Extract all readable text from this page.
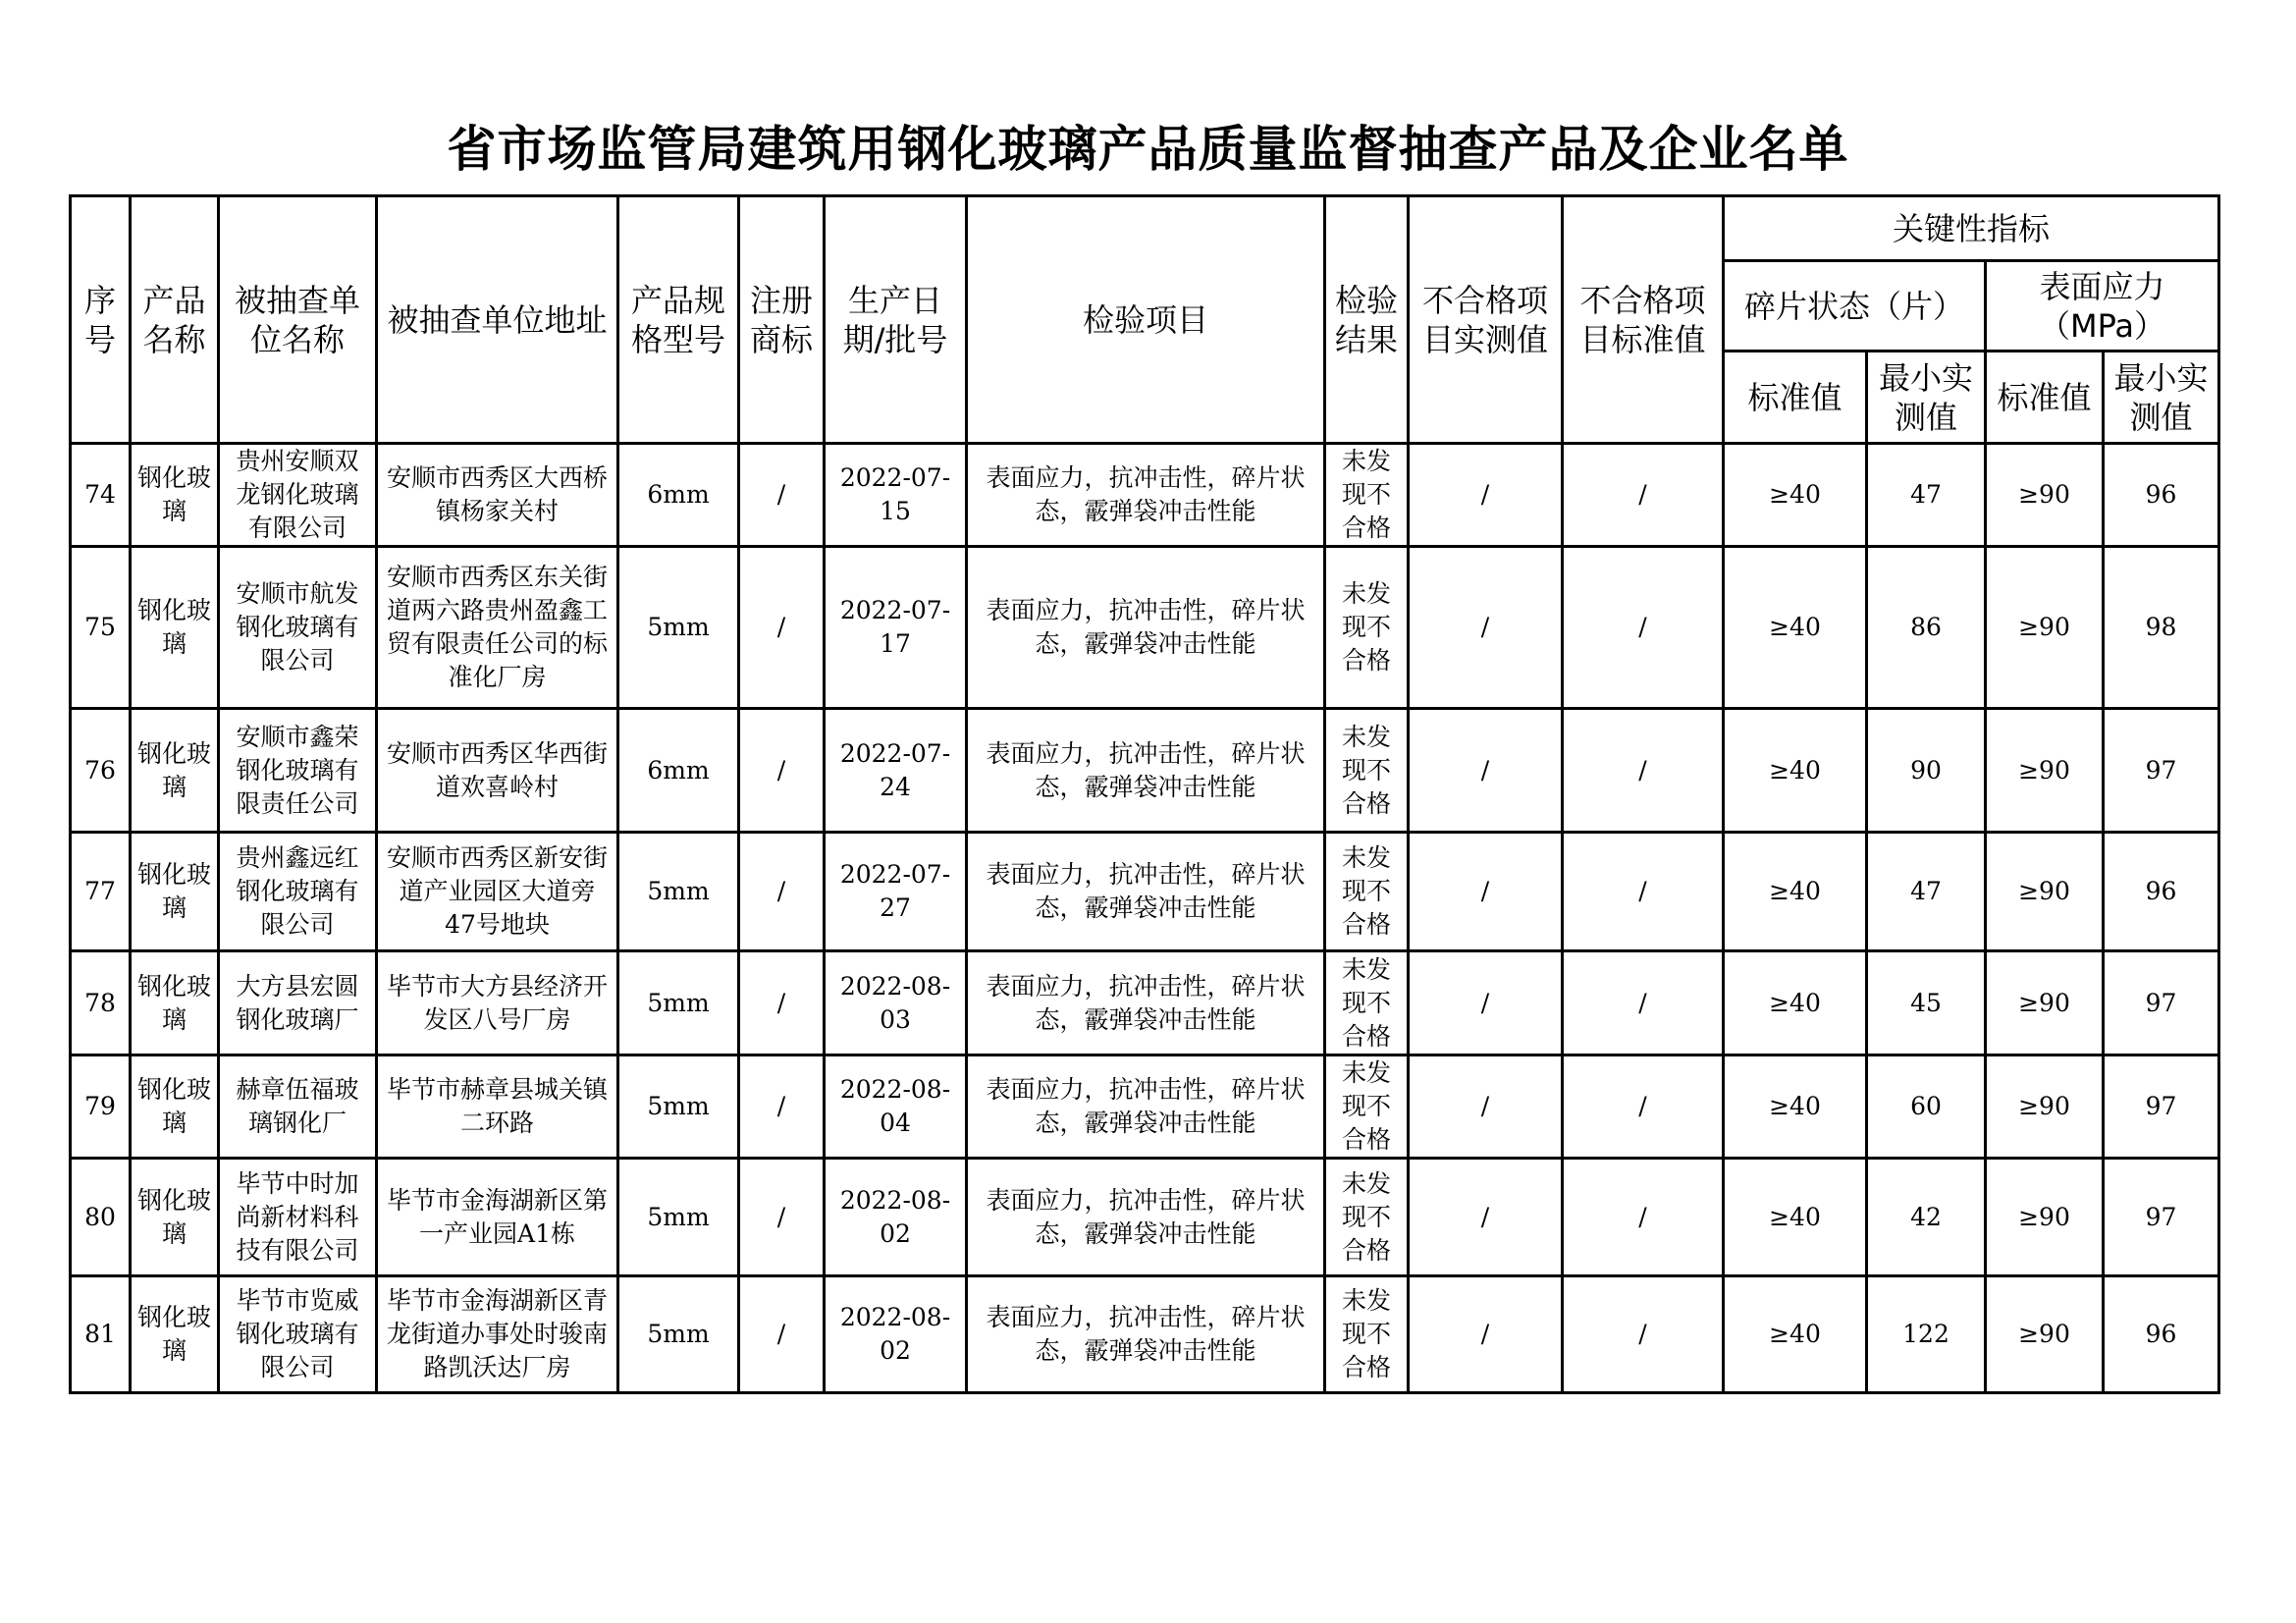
省市场监管局建筑用钢化玻璃产品质量监督抽查产品及企业名单
序号	产品名称	被抽查单位名称	被抽查单位地址	产品规格型号	注册商标	生产日期/批号	检验项目	检验结果	不合格项目实测值	不合格项目标准值	关键性指标			
											碎片状态（片）		表面应力（MPa）	
											标准值	最小实测值	标准值	最小实测值
74	钢化玻璃	贵州安顺双龙钢化玻璃有限公司	安顺市西秀区大西桥镇杨家关村	6mm	/	2022-07-15	表面应力，抗冲击性，碎片状态，霰弹袋冲击性能	未发现不合格	/	/	≥40	47	≥90	96
75	钢化玻璃	安顺市航发钢化玻璃有限公司	安顺市西秀区东关街道两六路贵州盈鑫工贸有限责任公司的标准化厂房	5mm	/	2022-07-17	表面应力，抗冲击性，碎片状态，霰弹袋冲击性能	未发现不合格	/	/	≥40	86	≥90	98
76	钢化玻璃	安顺市鑫荣钢化玻璃有限责任公司	安顺市西秀区华西街道欢喜岭村	6mm	/	2022-07-24	表面应力，抗冲击性，碎片状态，霰弹袋冲击性能	未发现不合格	/	/	≥40	90	≥90	97
77	钢化玻璃	贵州鑫远红钢化玻璃有限公司	安顺市西秀区新安街道产业园区大道旁47号地块	5mm	/	2022-07-27	表面应力，抗冲击性，碎片状态，霰弹袋冲击性能	未发现不合格	/	/	≥40	47	≥90	96
78	钢化玻璃	大方县宏圆钢化玻璃厂	毕节市大方县经济开发区八号厂房	5mm	/	2022-08-03	表面应力，抗冲击性，碎片状态，霰弹袋冲击性能	未发现不合格	/	/	≥40	45	≥90	97
79	钢化玻璃	赫章伍福玻璃钢化厂	毕节市赫章县城关镇二环路	5mm	/	2022-08-04	表面应力，抗冲击性，碎片状态，霰弹袋冲击性能	未发现不合格	/	/	≥40	60	≥90	97
80	钢化玻璃	毕节中时加尚新材料科技有限公司	毕节市金海湖新区第一产业园A1栋	5mm	/	2022-08-02	表面应力，抗冲击性，碎片状态，霰弹袋冲击性能	未发现不合格	/	/	≥40	42	≥90	97
81	钢化玻璃	毕节市览威钢化玻璃有限公司	毕节市金海湖新区青龙街道办事处时骏南路凯沃达厂房	5mm	/	2022-08-02	表面应力，抗冲击性，碎片状态，霰弹袋冲击性能	未发现不合格	/	/	≥40	122	≥90	96
